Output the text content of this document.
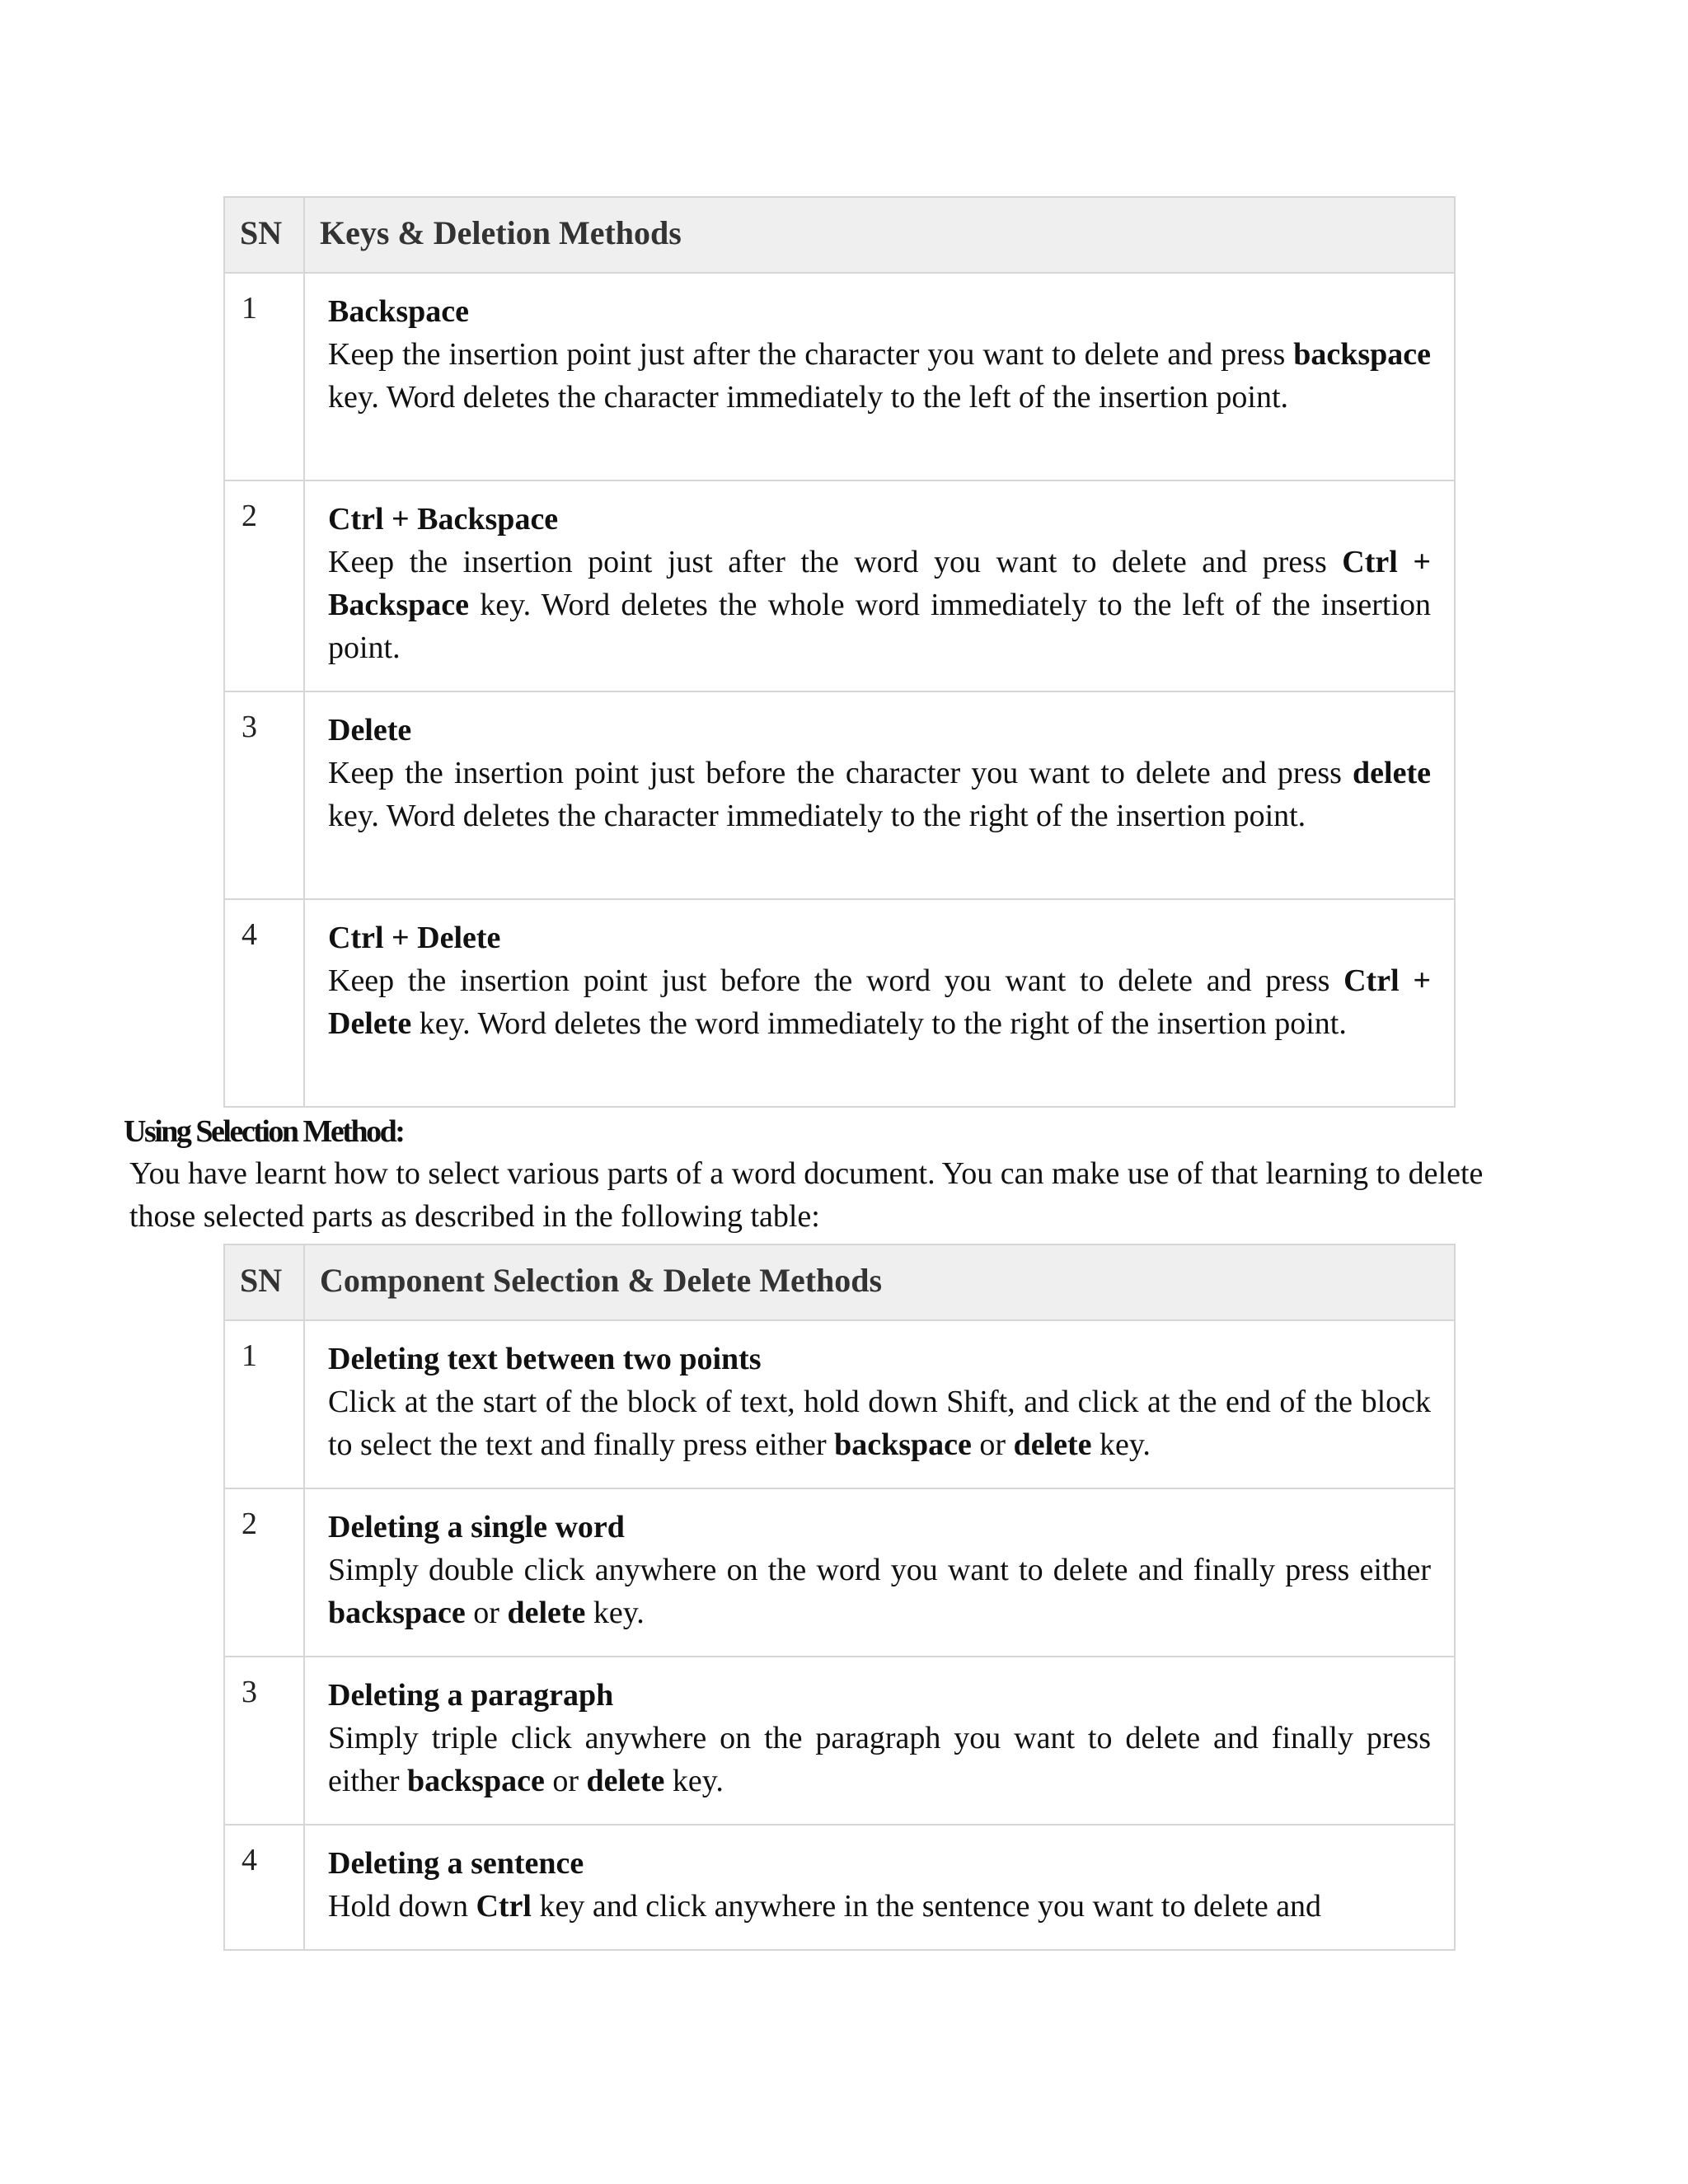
SN	Keys & Deletion Methods
1	Backspace
Keep the insertion point just after the character you want to delete and press backspace key. Word deletes the character immediately to the left of the insertion point.
2	Ctrl + Backspace
Keep the insertion point just after the word you want to delete and press Ctrl + Backspace key. Word deletes the whole word immediately to the left of the insertion point.
3	Delete
Keep the insertion point just before the character you want to delete and press delete key. Word deletes the character immediately to the right of the insertion point.
4	Ctrl + Delete
Keep the insertion point just before the word you want to delete and press Ctrl + Delete key. Word deletes the word immediately to the right of the insertion point.
Using Selection Method:

You have learnt how to select various parts of a word document. You can make use of that learning to delete those selected parts as described in the following table:

SN	Component Selection & Delete Methods
1	Deleting text between two points
Click at the start of the block of text, hold down Shift, and click at the end of the block to select the text and finally press either backspace or delete key.
2	Deleting a single word
Simply double click anywhere on the word you want to delete and finally press either backspace or delete key.
3	Deleting a paragraph
Simply triple click anywhere on the paragraph you want to delete and finally press either backspace or delete key.
4	Deleting a sentence
Hold down Ctrl key and click anywhere in the sentence you want to delete and
